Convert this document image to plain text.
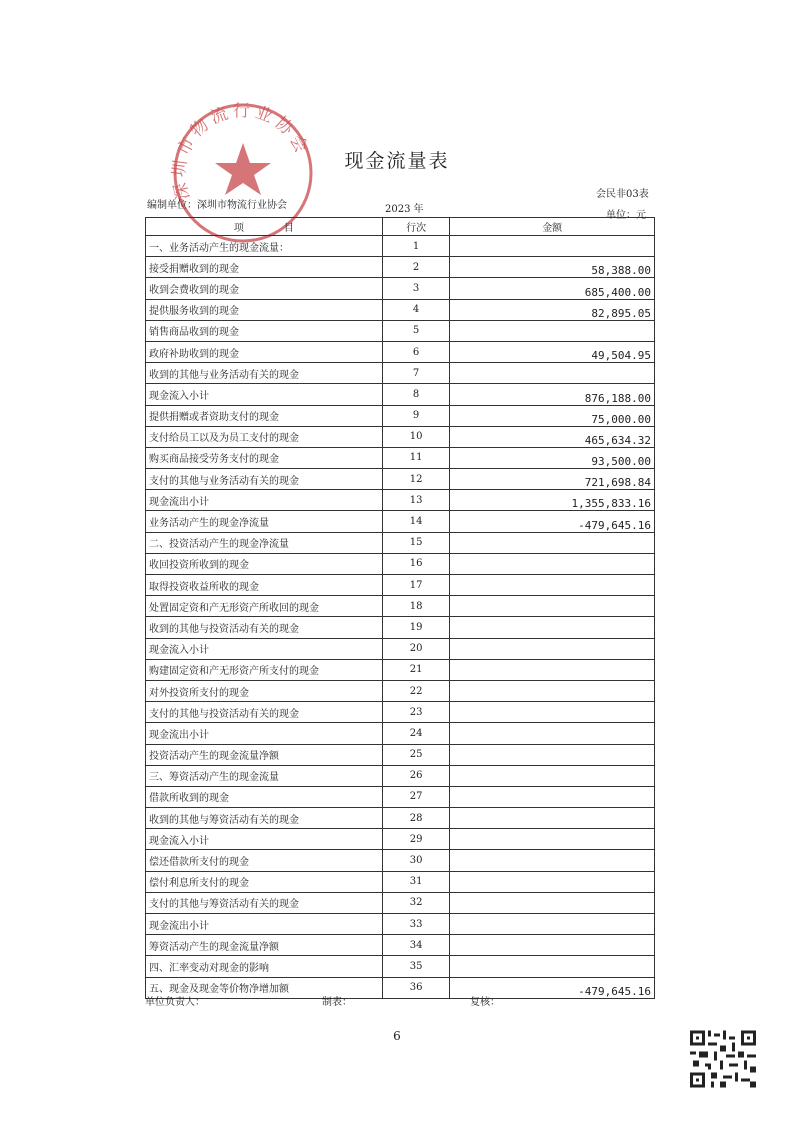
深圳市物流行业协会
现金流量表
会民非03表
编制单位：深圳市物流行业协会	2023 年
单位：元
项　　　　目	行次	金额
一、业务活动产生的现金流量：	1	
接受捐赠收到的现金	2	58,388.00
收到会费收到的现金	3	685,400.00
提供服务收到的现金	4	82,895.05
销售商品收到的现金	5	
政府补助收到的现金	6	49,504.95
收到的其他与业务活动有关的现金	7	
现金流入小计	8	876,188.00
提供捐赠或者资助支付的现金	9	75,000.00
支付给员工以及为员工支付的现金	10	465,634.32
购买商品接受劳务支付的现金	11	93,500.00
支付的其他与业务活动有关的现金	12	721,698.84
现金流出小计	13	1,355,833.16
业务活动产生的现金净流量	14	-479,645.16
二、投资活动产生的现金净流量	15	
收回投资所收到的现金	16	
取得投资收益所收的现金	17	
处置固定资和产无形资产所收回的现金	18	
收到的其他与投资活动有关的现金	19	
现金流入小计	20	
购建固定资和产无形资产所支付的现金	21	
对外投资所支付的现金	22	
支付的其他与投资活动有关的现金	23	
现金流出小计	24	
投资活动产生的现金流量净额	25	
三、筹资活动产生的现金流量	26	
借款所收到的现金	27	
收到的其他与筹资活动有关的现金	28	
现金流入小计	29	
偿还借款所支付的现金	30	
偿付利息所支付的现金	31	
支付的其他与筹资活动有关的现金	32	
现金流出小计	33	
筹资活动产生的现金流量净额	34	
四、汇率变动对现金的影响	35	
五、现金及现金等价物净增加额	36	-479,645.16
单位负责人：	制表：	复核：
6
